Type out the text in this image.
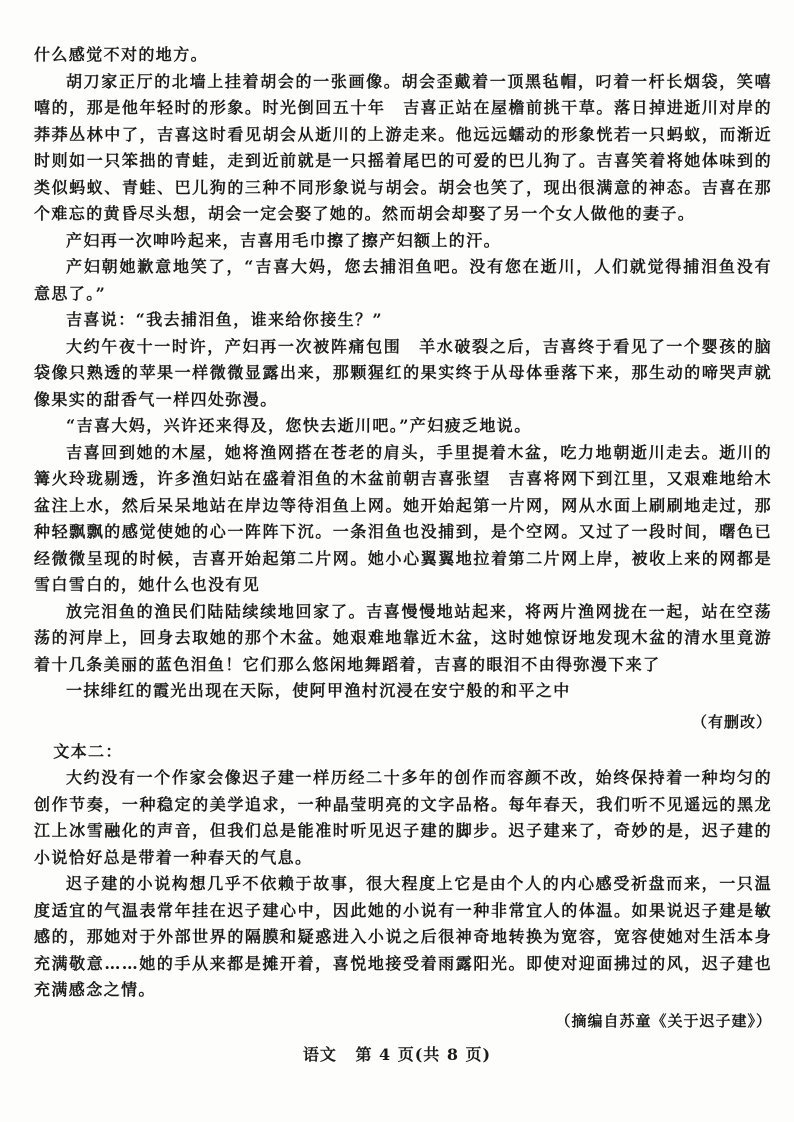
什么感觉不对的地方。

胡刀家正厅的北墙上挂着胡会的一张画像。胡会歪戴着一顶黑毡帽，叼着一杆长烟袋，笑嘻嘻的，那是他年轻时的形象。时光倒回五十年　吉喜正站在屋檐前挑干草。落日掉进逝川对岸的莽莽丛林中了，吉喜这时看见胡会从逝川的上游走来。他远远蠕动的形象恍若一只蚂蚁，而渐近时则如一只笨拙的青蛙，走到近前就是一只摇着尾巴的可爱的巴儿狗了。吉喜笑着将她体味到的类似蚂蚁、青蛙、巴儿狗的三种不同形象说与胡会。胡会也笑了，现出很满意的神态。吉喜在那个难忘的黄昏尽头想，胡会一定会娶了她的。然而胡会却娶了另一个女人做他的妻子。

产妇再一次呻吟起来，吉喜用毛巾擦了擦产妇额上的汗。

产妇朝她歉意地笑了，“吉喜大妈，您去捕泪鱼吧。没有您在逝川，人们就觉得捕泪鱼没有意思了。”

吉喜说：“我去捕泪鱼，谁来给你接生？”

大约午夜十一时许，产妇再一次被阵痛包围　羊水破裂之后，吉喜终于看见了一个婴孩的脑袋像只熟透的苹果一样微微显露出来，那颗猩红的果实终于从母体垂落下来，那生动的啼哭声就像果实的甜香气一样四处弥漫。

“吉喜大妈，兴许还来得及，您快去逝川吧。”产妇疲乏地说。

吉喜回到她的木屋，她将渔网搭在苍老的肩头，手里提着木盆，吃力地朝逝川走去。逝川的篝火玲珑剔透，许多渔妇站在盛着泪鱼的木盆前朝吉喜张望　吉喜将网下到江里，又艰难地给木盆注上水，然后呆呆地站在岸边等待泪鱼上网。她开始起第一片网，网从水面上刷刷地走过，那种轻飘飘的感觉使她的心一阵阵下沉。一条泪鱼也没捕到，是个空网。又过了一段时间，曙色已经微微呈现的时候，吉喜开始起第二片网。她小心翼翼地拉着第二片网上岸，被收上来的网都是雪白雪白的，她什么也没有见

放完泪鱼的渔民们陆陆续续地回家了。吉喜慢慢地站起来，将两片渔网拢在一起，站在空荡荡的河岸上，回身去取她的那个木盆。她艰难地靠近木盆，这时她惊讶地发现木盆的清水里竟游着十几条美丽的蓝色泪鱼！它们那么悠闲地舞蹈着，吉喜的眼泪不由得弥漫下来了

一抹绯红的霞光出现在天际，使阿甲渔村沉浸在安宁般的和平之中

（有删改）

文本二：

大约没有一个作家会像迟子建一样历经二十多年的创作而容颜不改，始终保持着一种均匀的创作节奏，一种稳定的美学追求，一种晶莹明亮的文字品格。每年春天，我们听不见遥远的黑龙江上冰雪融化的声音，但我们总是能准时听见迟子建的脚步。迟子建来了，奇妙的是，迟子建的小说恰好总是带着一种春天的气息。

迟子建的小说构想几乎不依赖于故事，很大程度上它是由个人的内心感受祈盘而来，一只温度适宜的气温表常年挂在迟子建心中，因此她的小说有一种非常宜人的体温。如果说迟子建是敏感的，那她对于外部世界的隔膜和疑惑进入小说之后很神奇地转换为宽容，宽容使她对生活本身充满敬意……她的手从来都是摊开着，喜悦地接受着雨露阳光。即使对迎面拂过的风，迟子建也充满感念之情。

（摘编自苏童《关于迟子建》）
语文 第 4 页(共 8 页)
